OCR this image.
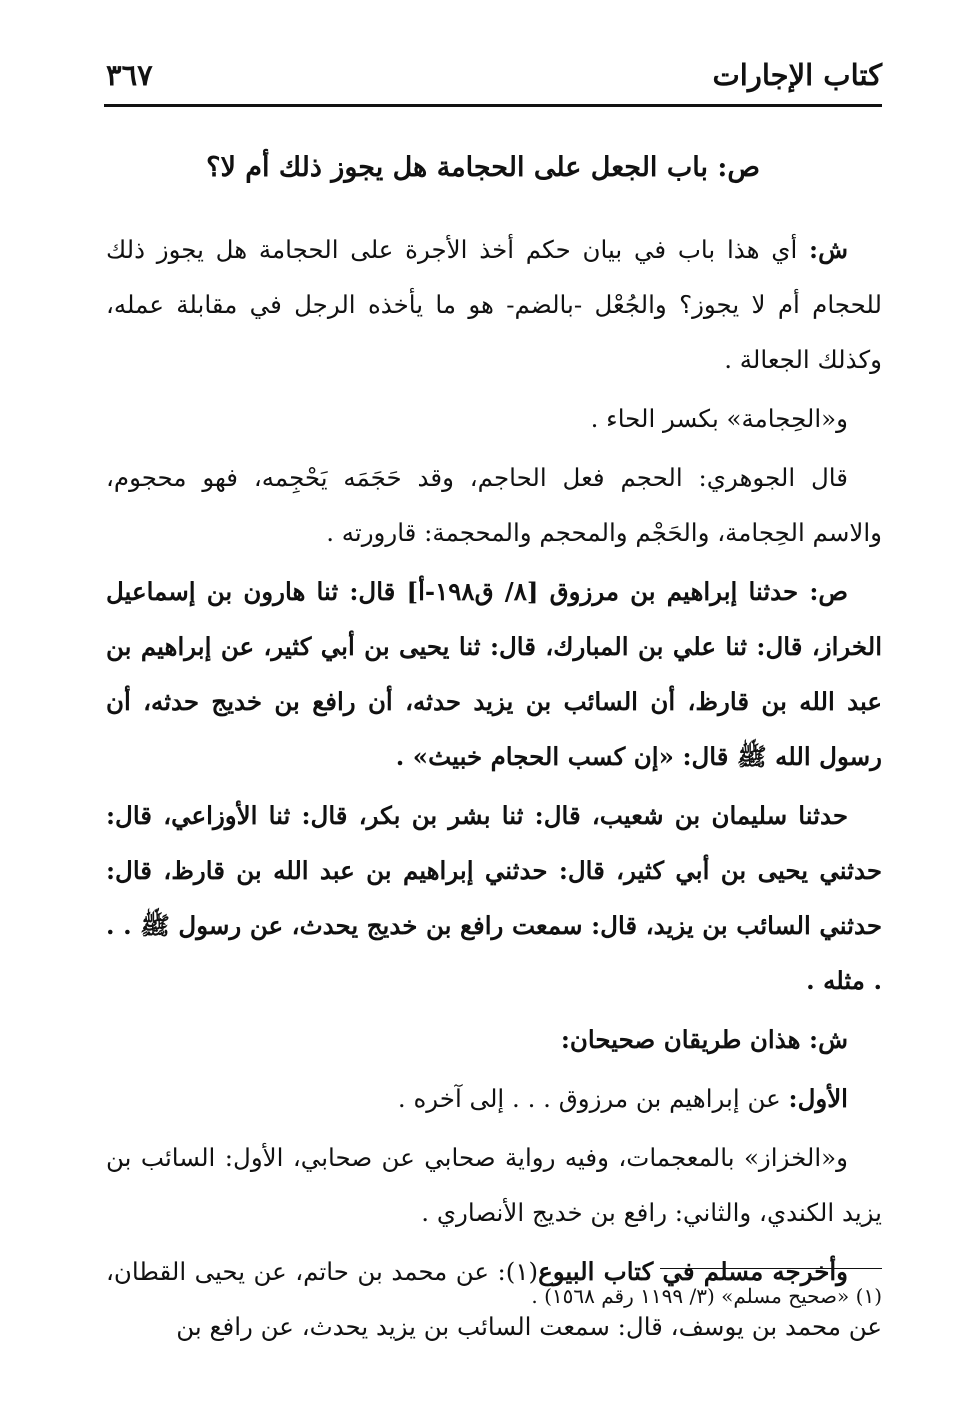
كتاب الإجارات
٣٦٧
ص: باب الجعل على الحجامة هل يجوز ذلك أم لا؟

ش: أي هذا باب في بيان حكم أخذ الأجرة على الحجامة هل يجوز ذلك للحجام أم لا يجوز؟ والجُعْل -بالضم- هو ما يأخذه الرجل في مقابلة عمله، وكذلك الجعالة .

و«الحِجامة» بكسر الحاء .

قال الجوهري: الحجم فعل الحاجم، وقد حَجَمَه يَحْجِمه، فهو محجوم، والاسم الحِجامة، والحَجْم والمحجم والمحجمة: قارورته .

ص: حدثنا إبراهيم بن مرزوق [٨/ ق١٩٨-أ] قال: ثنا هارون بن إسماعيل الخراز، قال: ثنا علي بن المبارك، قال: ثنا يحيى بن أبي كثير، عن إبراهيم بن عبد الله بن قارظ، أن السائب بن يزيد حدثه، أن رافع بن خديج حدثه، أن رسول الله ﷺ قال: «إن كسب الحجام خبيث» .

حدثنا سليمان بن شعيب، قال: ثنا بشر بن بكر، قال: ثنا الأوزاعي، قال: حدثني يحيى بن أبي كثير، قال: حدثني إبراهيم بن عبد الله بن قارظ، قال: حدثني السائب بن يزيد، قال: سمعت رافع بن خديج يحدث، عن رسول ﷺ . . . مثله .

ش: هذان طريقان صحيحان:

الأول: عن إبراهيم بن مرزوق . . . إلى آخره .

و«الخزاز» بالمعجمات، وفيه رواية صحابي عن صحابي، الأول: السائب بن يزيد الكندي، والثاني: رافع بن خديج الأنصاري .

وأخرجه مسلم في كتاب البيوع(١): عن محمد بن حاتم، عن يحيى القطان، عن محمد بن يوسف، قال: سمعت السائب بن يزيد يحدث، عن رافع بن

(١) «صحيح مسلم» (٣/ ١١٩٩ رقم ١٥٦٨) .
